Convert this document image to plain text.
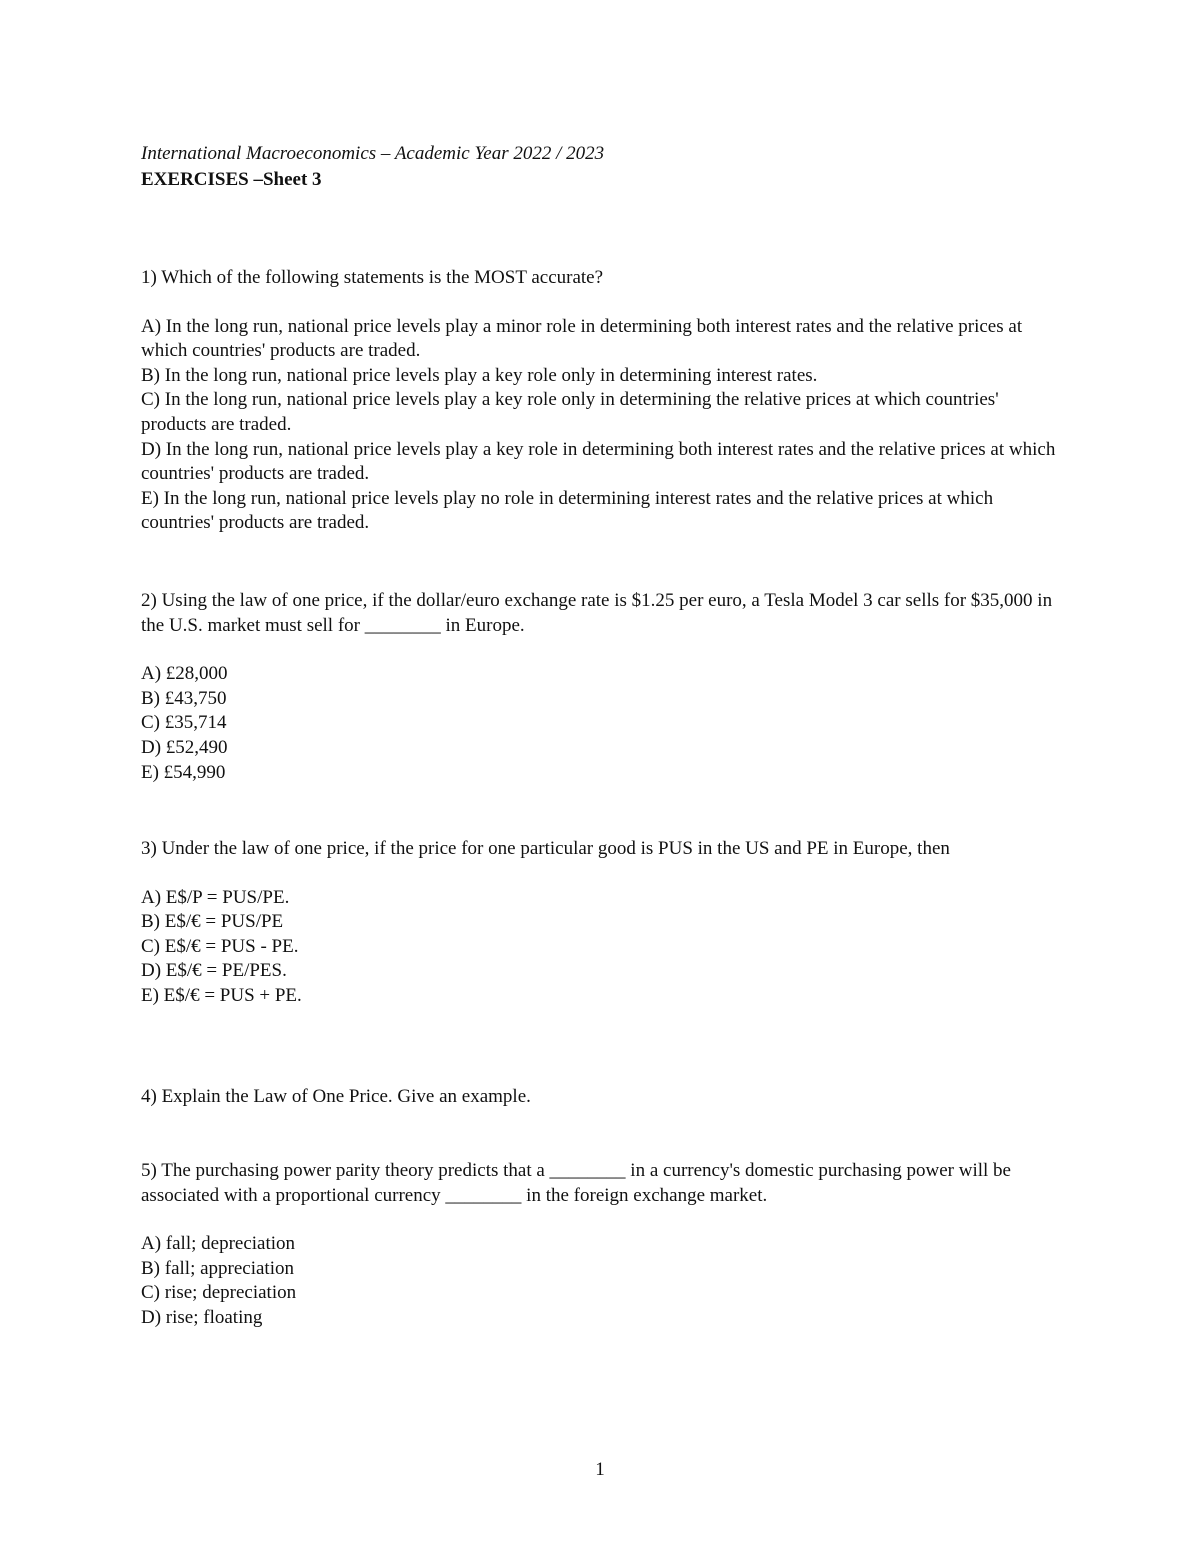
International Macroeconomics – Academic Year 2022 / 2023
EXERCISES –Sheet 3
1) Which of the following statements is the MOST accurate?
A) In the long run, national price levels play a minor role in determining both interest rates and the relative prices at which countries' products are traded.
B) In the long run, national price levels play a key role only in determining interest rates.
C) In the long run, national price levels play a key role only in determining the relative prices at which countries' products are traded.
D) In the long run, national price levels play a key role in determining both interest rates and the relative prices at which countries' products are traded.
E) In the long run, national price levels play no role in determining interest rates and the relative prices at which countries' products are traded.
2) Using the law of one price, if the dollar/euro exchange rate is $1.25 per euro, a Tesla Model 3 car sells for $35,000 in the U.S. market must sell for ________ in Europe.
A) £28,000
B) £43,750
C) £35,714
D) £52,490
E) £54,990
3) Under the law of one price, if the price for one particular good is PUS in the US and PE in Europe, then
A) E$/P = PUS/PE.
B) E$/€ = PUS/PE
C) E$/€ = PUS - PE.
D) E$/€ = PE/PES.
E) E$/€ = PUS + PE.
4) Explain the Law of One Price. Give an example.
5) The purchasing power parity theory predicts that a ________ in a currency's domestic purchasing power will be associated with a proportional currency ________ in the foreign exchange market.
A) fall; depreciation
B) fall; appreciation
C) rise; depreciation
D) rise; floating
1
